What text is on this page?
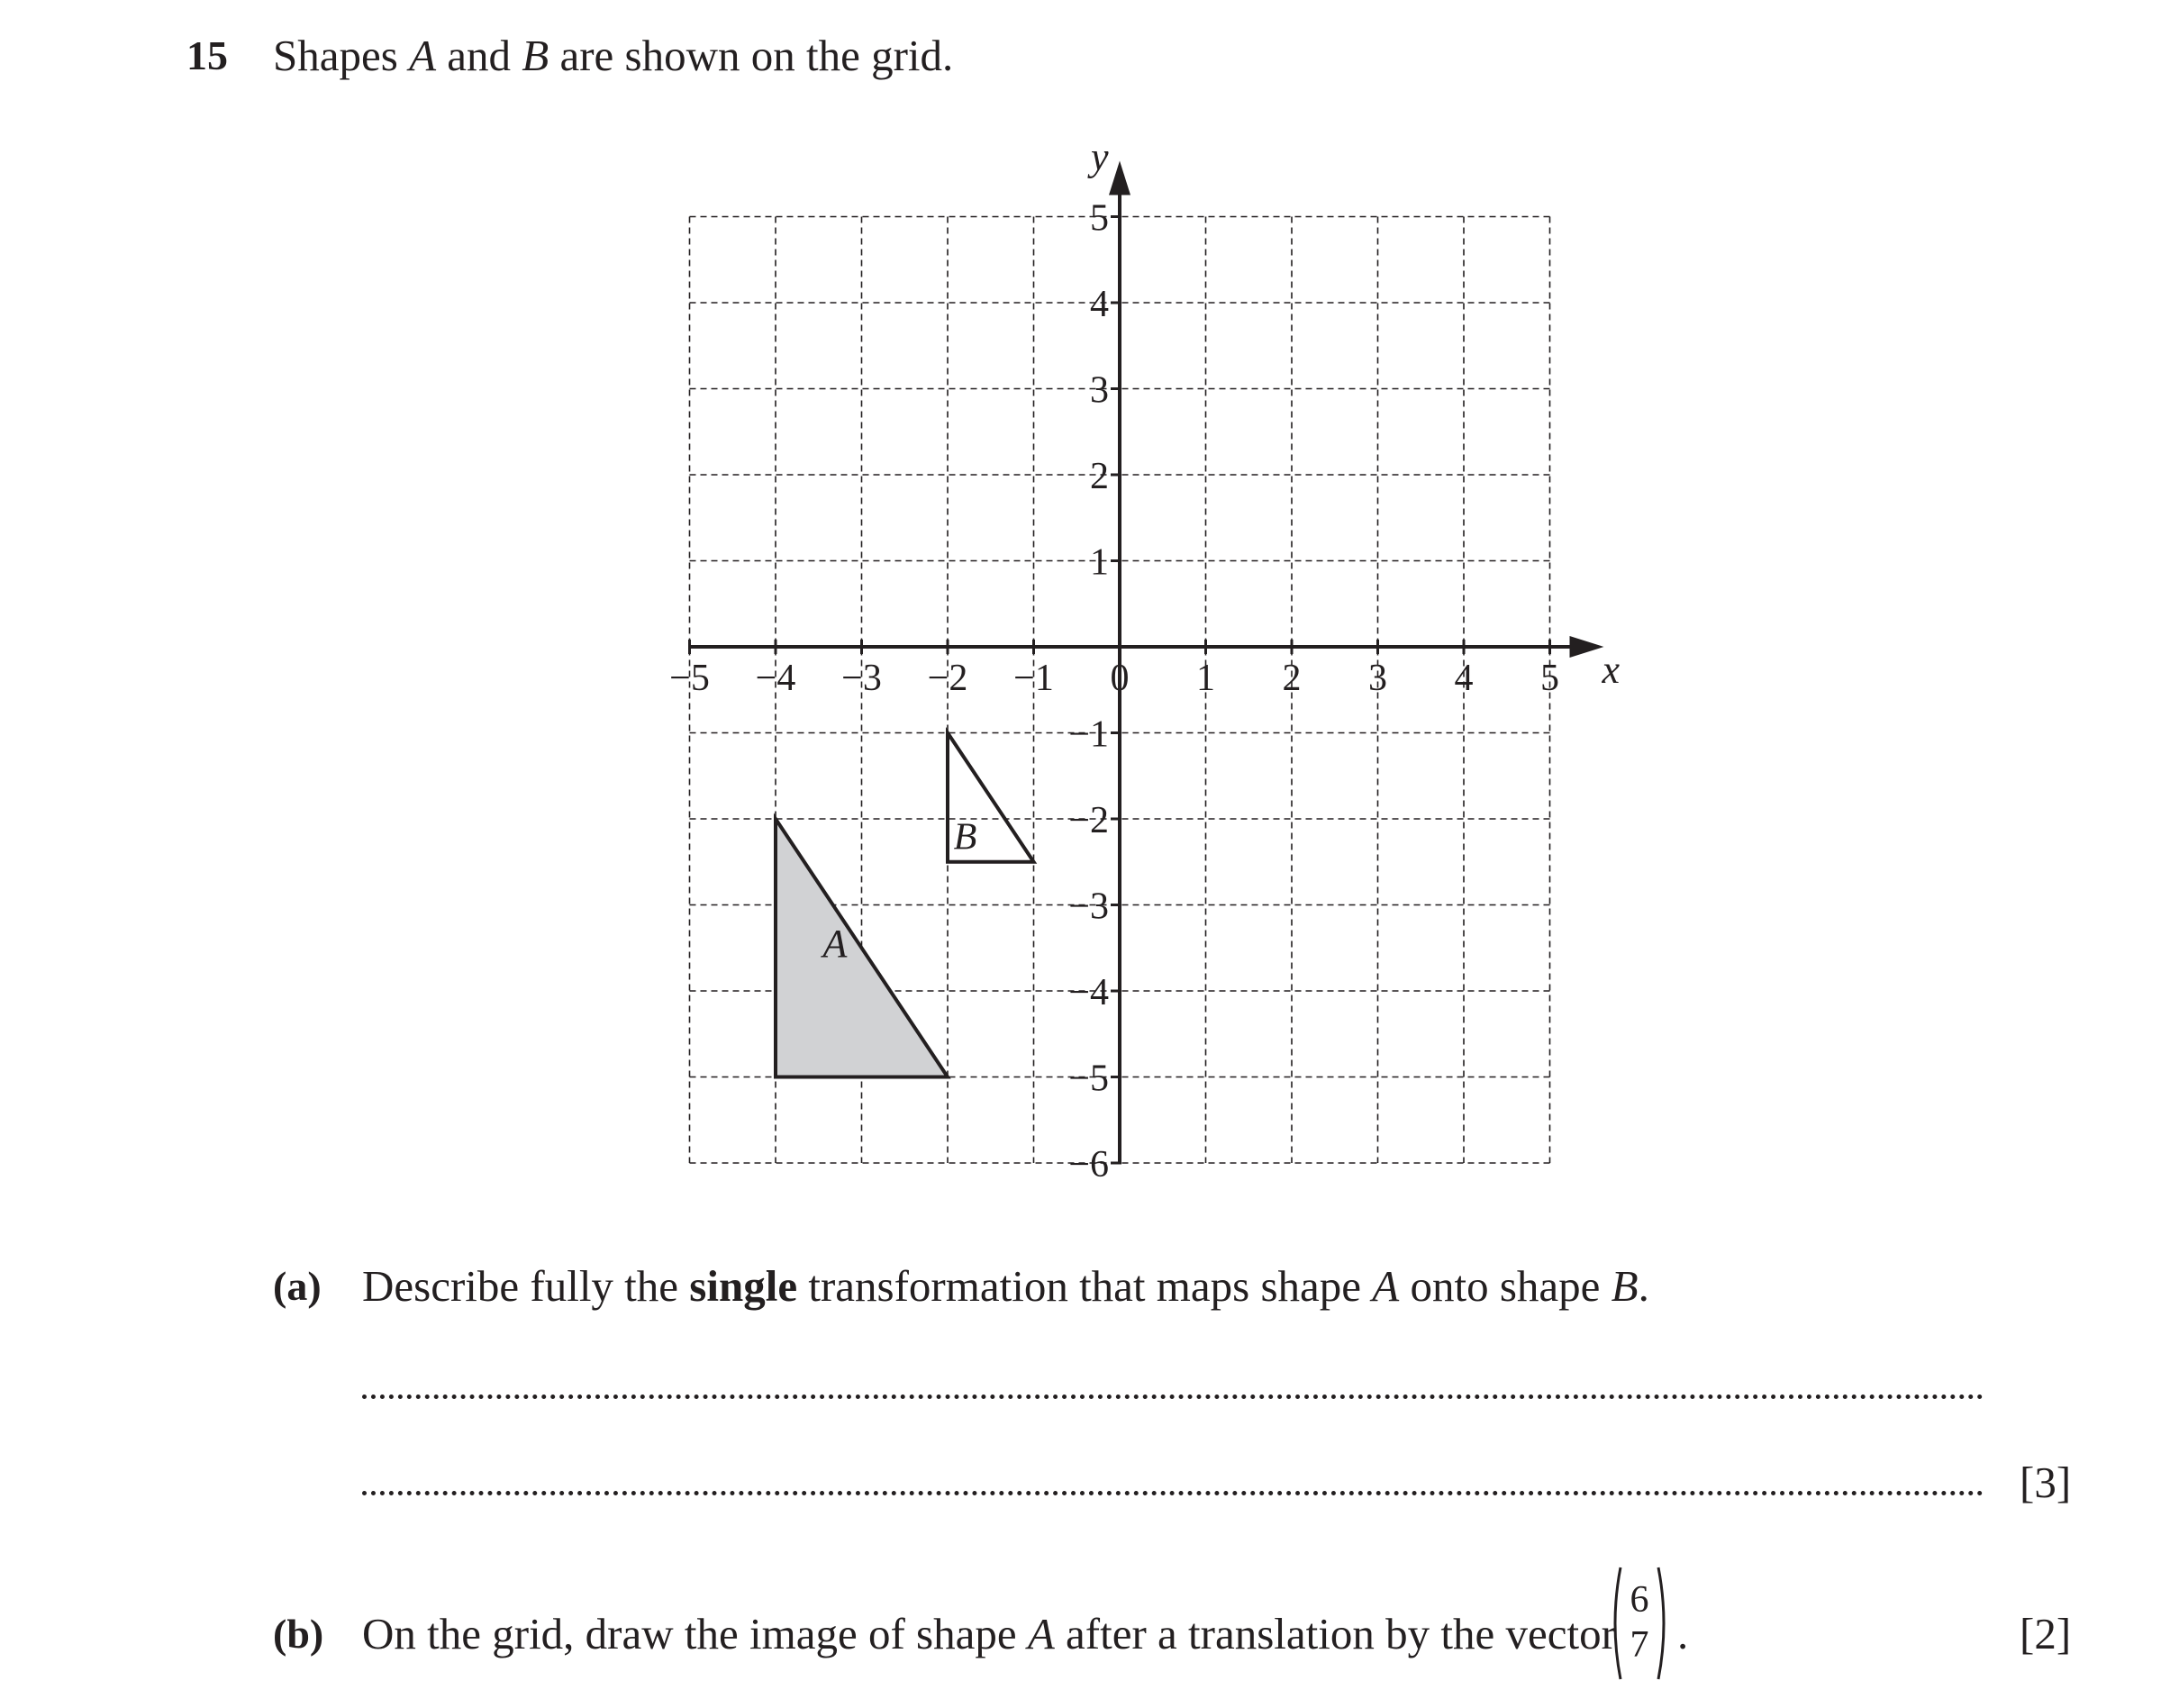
15 Shapes A and B are shown on the grid.
A
B
−5 −4 −3 −2 −1 0 1 2 3 4 5
5
4
3
2
1
−1
−2
−3
−4
−5
−6
x
y
(a) Describe fully the single transformation that maps shape A onto shape B.
[3]
(b) On the grid, draw the image of shape A after a translation by the vector
6
7 .	[2]
